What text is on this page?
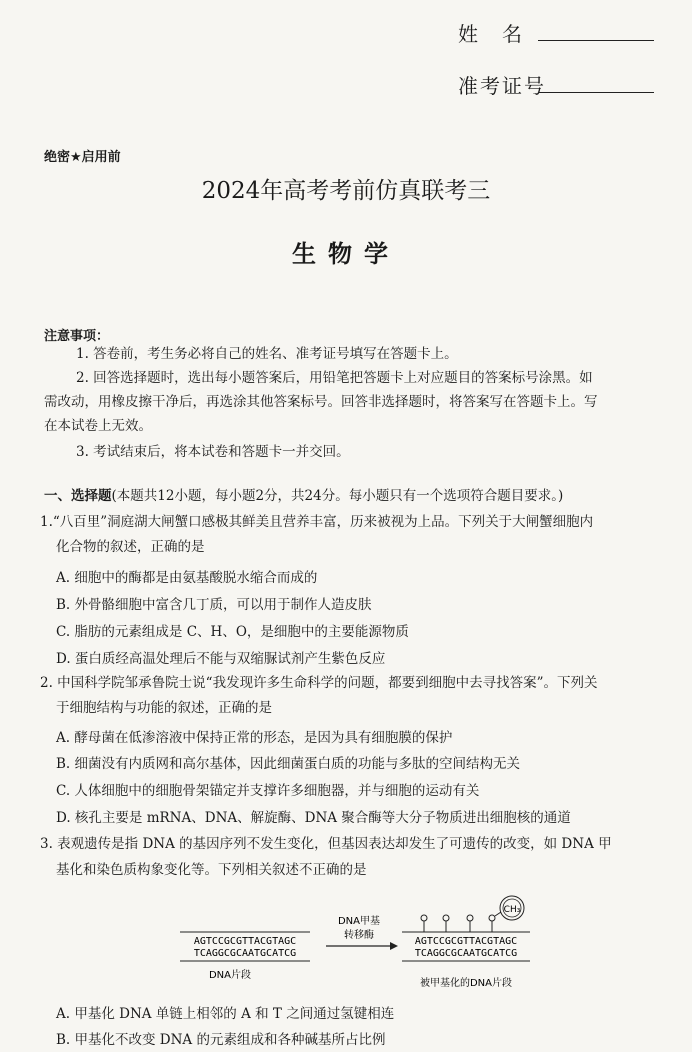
姓　名
准考证号
绝密★启用前
2024年高考考前仿真联考三
生物学
注意事项：
1. 答卷前，考生务必将自己的姓名、准考证号填写在答题卡上。
2. 回答选择题时，选出每小题答案后，用铅笔把答题卡上对应题目的答案标号涂黑。如
需改动，用橡皮擦干净后，再选涂其他答案标号。回答非选择题时，将答案写在答题卡上。写
在本试卷上无效。
3. 考试结束后，将本试卷和答题卡一并交回。
一、选择题(本题共12小题，每小题2分，共24分。每小题只有一个选项符合题目要求。)
1.“八百里”洞庭湖大闸蟹口感极其鲜美且营养丰富，历来被视为上品。下列关于大闸蟹细胞内
化合物的叙述，正确的是
A. 细胞中的酶都是由氨基酸脱水缩合而成的
B. 外骨骼细胞中富含几丁质，可以用于制作人造皮肤
C. 脂肪的元素组成是 C、H、O，是细胞中的主要能源物质
D. 蛋白质经高温处理后不能与双缩脲试剂产生紫色反应
2. 中国科学院邹承鲁院士说“我发现许多生命科学的问题，都要到细胞中去寻找答案”。下列关
于细胞结构与功能的叙述，正确的是
A. 酵母菌在低渗溶液中保持正常的形态，是因为具有细胞膜的保护
B. 细菌没有内质网和高尔基体，因此细菌蛋白质的功能与多肽的空间结构无关
C. 人体细胞中的细胞骨架锚定并支撑许多细胞器，并与细胞的运动有关
D. 核孔主要是 mRNA、DNA、解旋酶、DNA 聚合酶等大分子物质进出细胞核的通道
3. 表观遗传是指 DNA 的基因序列不发生变化，但基因表达却发生了可遗传的改变，如 DNA 甲
基化和染色质构象变化等。下列相关叙述不正确的是
AGTCCGCGTTACGTAGC
TCAGGCGCAATGCATCG
DNA片段
DNA甲基
转移酶
CH₃
AGTCCGCGTTACGTAGC
TCAGGCGCAATGCATCG
被甲基化的DNA片段
A. 甲基化 DNA 单链上相邻的 A 和 T 之间通过氢键相连
B. 甲基化不改变 DNA 的元素组成和各种碱基所占比例
